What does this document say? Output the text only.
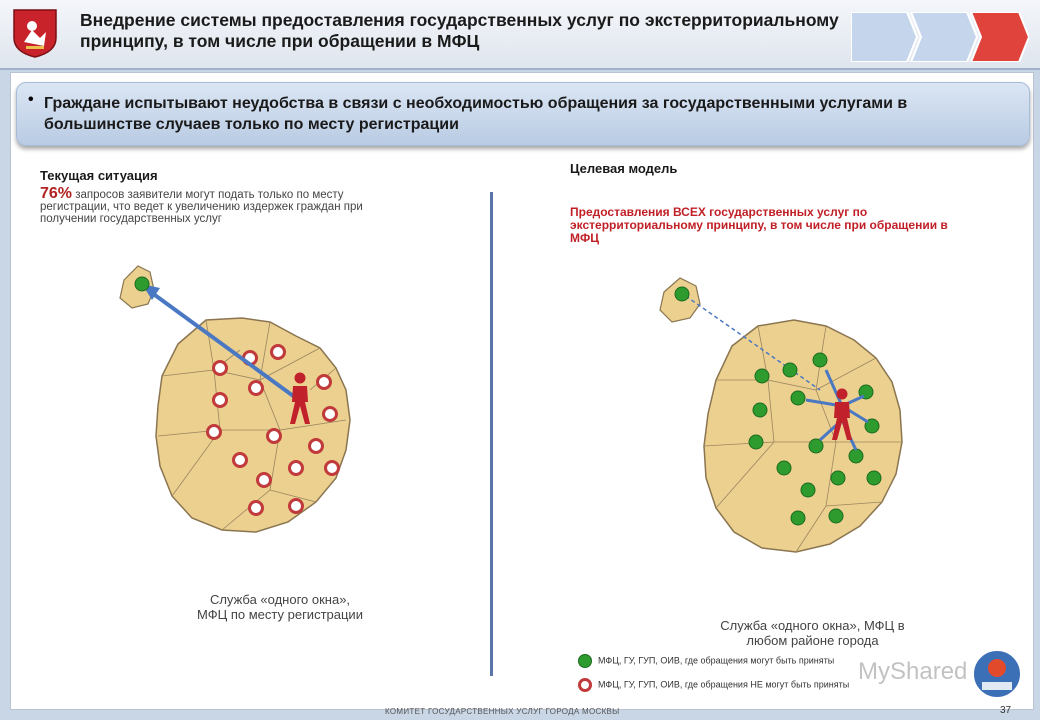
Внедрение системы предоставления государственных услуг по экстерриториальному принципу, в том числе при обращении в МФЦ
• Граждане испытывают неудобства в связи с необходимостью обращения за государственными услугами в большинстве случаев только по месту регистрации
Текущая ситуация
76% запросов заявители могут подать только по месту регистрации, что ведет к увеличению издержек граждан при получении государственных услуг
Целевая модель
Предоставления ВСЕХ государственных услуг по экстерриториальному принципу, в том числе при обращении в МФЦ
Служба «одного окна»,
МФЦ по месту регистрации
Служба «одного окна», МФЦ в
любом районе города
МФЦ, ГУ, ГУП, ОИВ, где обращения могут быть приняты
МФЦ, ГУ, ГУП, ОИВ, где обращения НЕ могут быть приняты MyShared
КОМИТЕТ ГОСУДАРСТВЕННЫХ УСЛУГ ГОРОДА МОСКВЫ	37
